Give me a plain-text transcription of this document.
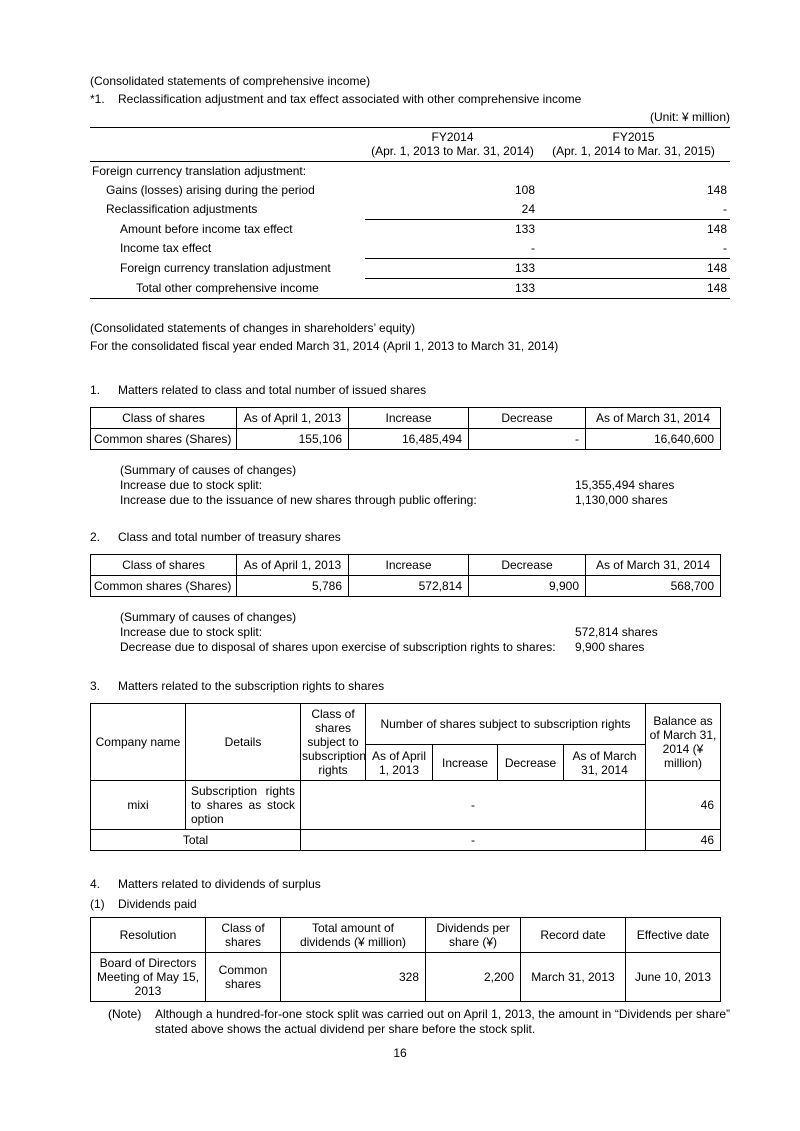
(Consolidated statements of comprehensive income)

*1.	Reclassification adjustment and tax effect associated with other comprehensive income

(Unit: ¥ million)

FY2014
(Apr. 1, 2013 to Mar. 31, 2014)
FY2015
(Apr. 1, 2014 to Mar. 31, 2015)
Foreign currency translation adjustment:
Gains (losses) arising during the period	108	148
Reclassification adjustments	24	-
Amount before income tax effect	133	148
Income tax effect	-	-
Foreign currency translation adjustment	133	148
Total other comprehensive income	133	148

(Consolidated statements of changes in shareholders’ equity)

For the consolidated fiscal year ended March 31, 2014 (April 1, 2013 to March 31, 2014)

1.	Matters related to class and total number of issued shares
Class of shares	As of April 1, 2013	Increase	Decrease	As of March 31, 2014
Common shares (Shares)	155,106	16,485,494	-	16,640,600

(Summary of causes of changes)

Increase due to stock split:	15,355,494 shares
Increase due to the issuance of new shares through public offering:	1,130,000 shares
2.	Class and total number of treasury shares
Class of shares	As of April 1, 2013	Increase	Decrease	As of March 31, 2014
Common shares (Shares)	5,786	572,814	9,900	568,700

(Summary of causes of changes)

Increase due to stock split:	572,814 shares
Decrease due to disposal of shares upon exercise of subscription rights to shares:	9,900 shares
3.	Matters related to the subscription rights to shares
Company name	Details	Class of shares subject to subscription rights	Number of shares subject to subscription rights				Balance as of March 31, 2014 (¥ million)
			As of April 1, 2013	Increase	Decrease	As of March 31, 2014	
mixi	Subscription rights to shares as stock option	-					46
Total		-					46
4.	Matters related to dividends of surplus
(1)	Dividends paid
Resolution	Class of shares	Total amount of dividends (¥ million)	Dividends per share (¥)	Record date	Effective date
Board of Directors Meeting of May 15, 2013	Common shares	328	2,200	March 31, 2013	June 10, 2013
(Note)	Although a hundred-for-one stock split was carried out on April 1, 2013, the amount in “Dividends per share” stated above shows the actual dividend per share before the stock split.

16
